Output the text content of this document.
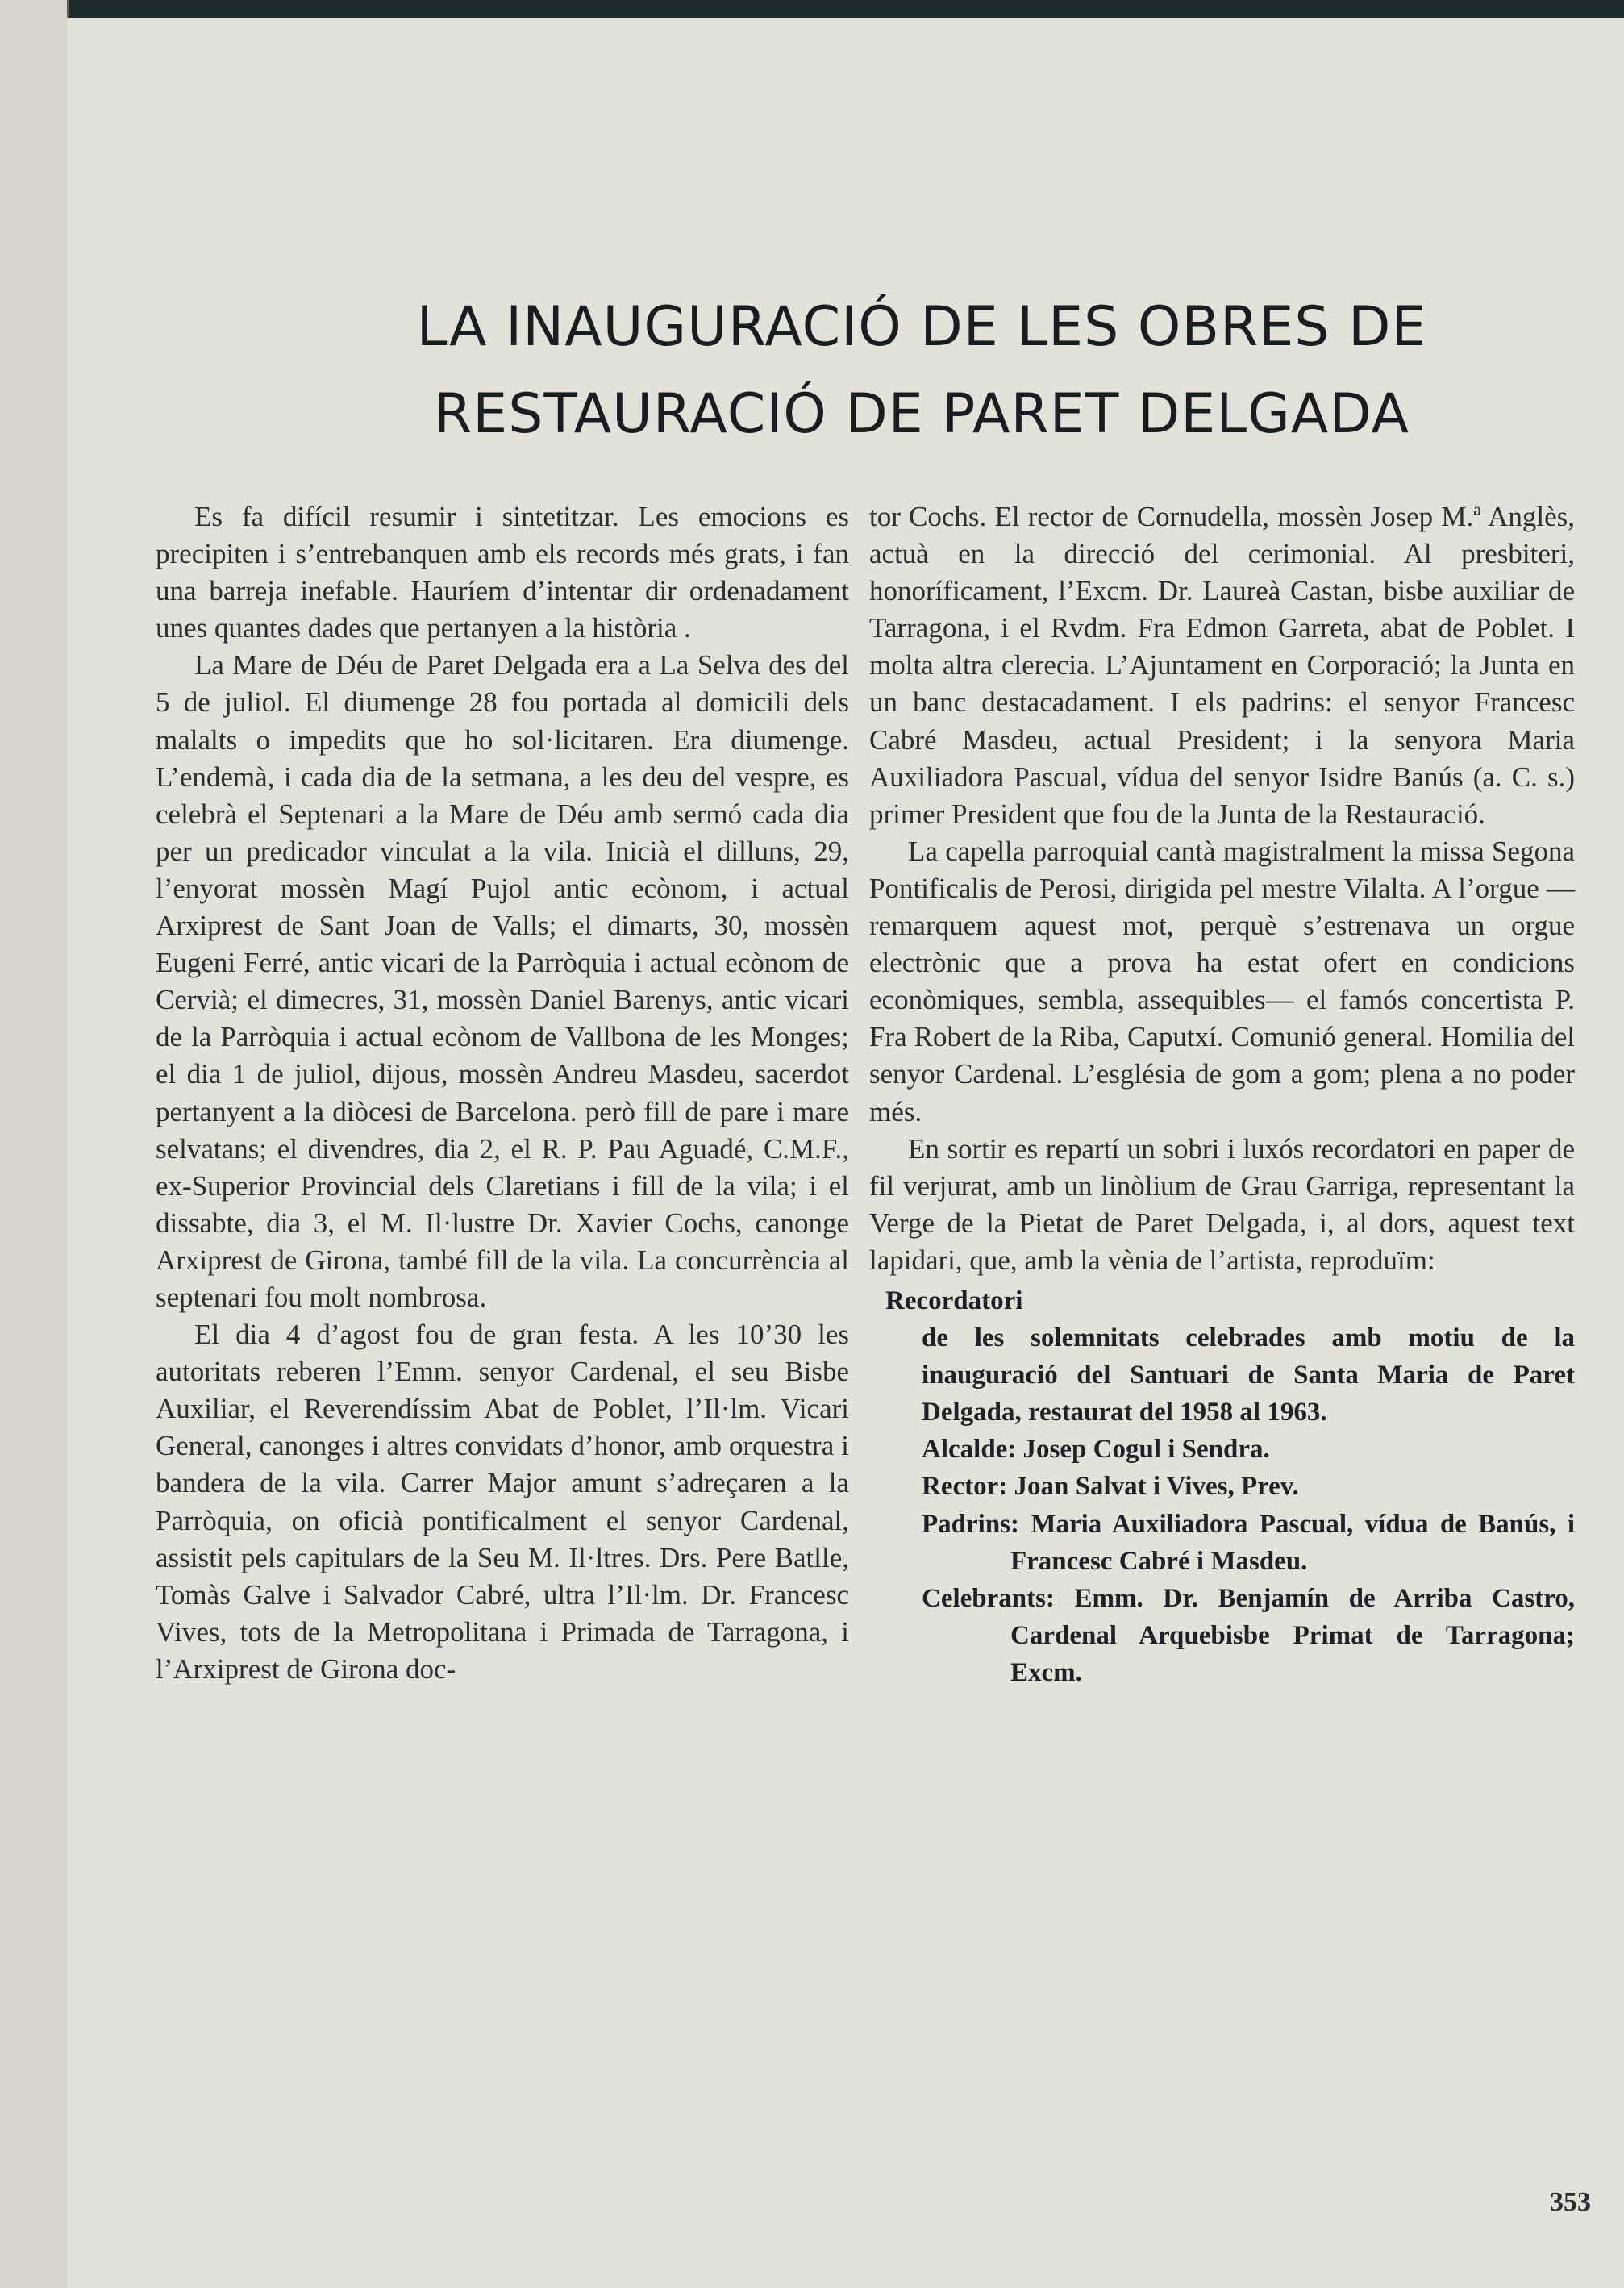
LA INAUGURACIÓ DE LES OBRES DE
RESTAURACIÓ DE PARET DELGADA

Es fa difícil resumir i sintetitzar. Les emocions es precipiten i s’entrebanquen amb els records més grats, i fan una barreja inefable. Hauríem d’intentar dir ordenadament unes quantes dades que pertanyen a la història .

La Mare de Déu de Paret Delgada era a La Selva des del 5 de juliol. El diumenge 28 fou portada al domicili dels malalts o impedits que ho sol·licitaren. Era diumenge. L’endemà, i cada dia de la setmana, a les deu del vespre, es celebrà el Septenari a la Mare de Déu amb sermó cada dia per un predicador vinculat a la vila. Inicià el dilluns, 29, l’enyorat mossèn Magí Pujol antic ecònom, i actual Arxiprest de Sant Joan de Valls; el dimarts, 30, mossèn Eugeni Ferré, antic vicari de la Parròquia i actual ecònom de Cervià; el dimecres, 31, mossèn Daniel Barenys, antic vicari de la Parròquia i actual ecònom de Vallbona de les Monges; el dia 1 de juliol, dijous, mossèn Andreu Masdeu, sacerdot pertanyent a la diòcesi de Barcelona. però fill de pare i mare selvatans; el divendres, dia 2, el R. P. Pau Aguadé, C.M.F., ex-Superior Provincial dels Claretians i fill de la vila; i el dissabte, dia 3, el M. Il·lustre Dr. Xavier Cochs, canonge Arxiprest de Girona, també fill de la vila. La concurrència al septenari fou molt nombrosa.

El dia 4 d’agost fou de gran festa. A les 10’30 les autoritats reberen l’Emm. senyor Cardenal, el seu Bisbe Auxiliar, el Reverendíssim Abat de Poblet, l’Il·lm. Vicari General, canonges i altres convidats d’honor, amb orquestra i bandera de la vila. Carrer Major amunt s’adreçaren a la Parròquia, on oficià pontificalment el senyor Cardenal, assistit pels capitulars de la Seu M. Il·ltres. Drs. Pere Batlle, Tomàs Galve i Salvador Cabré, ultra l’Il·lm. Dr. Francesc Vives, tots de la Metropolitana i Primada de Tarragona, i l’Arxiprest de Girona doc-

tor Cochs. El rector de Cornudella, mossèn Josep M.ª Anglès, actuà en la direcció del cerimonial. Al presbiteri, honoríficament, l’Excm. Dr. Laureà Castan, bisbe auxiliar de Tarragona, i el Rvdm. Fra Edmon Garreta, abat de Poblet. I molta altra clerecia. L’Ajuntament en Corporació; la Junta en un banc destacadament. I els padrins: el senyor Francesc Cabré Masdeu, actual President; i la senyora Maria Auxiliadora Pascual, vídua del senyor Isidre Banús (a. C. s.) primer President que fou de la Junta de la Restauració.

La capella parroquial cantà magistralment la missa Segona Pontificalis de Perosi, dirigida pel mestre Vilalta. A l’orgue —remarquem aquest mot, perquè s’estrenava un orgue electrònic que a prova ha estat ofert en condicions econòmiques, sembla, assequibles— el famós concertista P. Fra Robert de la Riba, Caputxí. Comunió general. Homilia del senyor Cardenal. L’església de gom a gom; plena a no poder més.

En sortir es repartí un sobri i luxós recordatori en paper de fil verjurat, amb un linòlium de Grau Garriga, representant la Verge de la Pietat de Paret Delgada, i, al dors, aquest text lapidari, que, amb la vènia de l’artista, reproduïm:

Recordatori

de les solemnitats celebrades amb motiu de la inauguració del Santuari de Santa Maria de Paret Delgada, restaurat del 1958 al 1963.

Alcalde: Josep Cogul i Sendra.

Rector: Joan Salvat i Vives, Prev.

Padrins: Maria Auxiliadora Pascual, vídua de Banús, i Francesc Cabré i Masdeu.

Celebrants: Emm. Dr. Benjamín de Arriba Castro, Cardenal Arquebisbe Primat de Tarragona; Excm.

353
